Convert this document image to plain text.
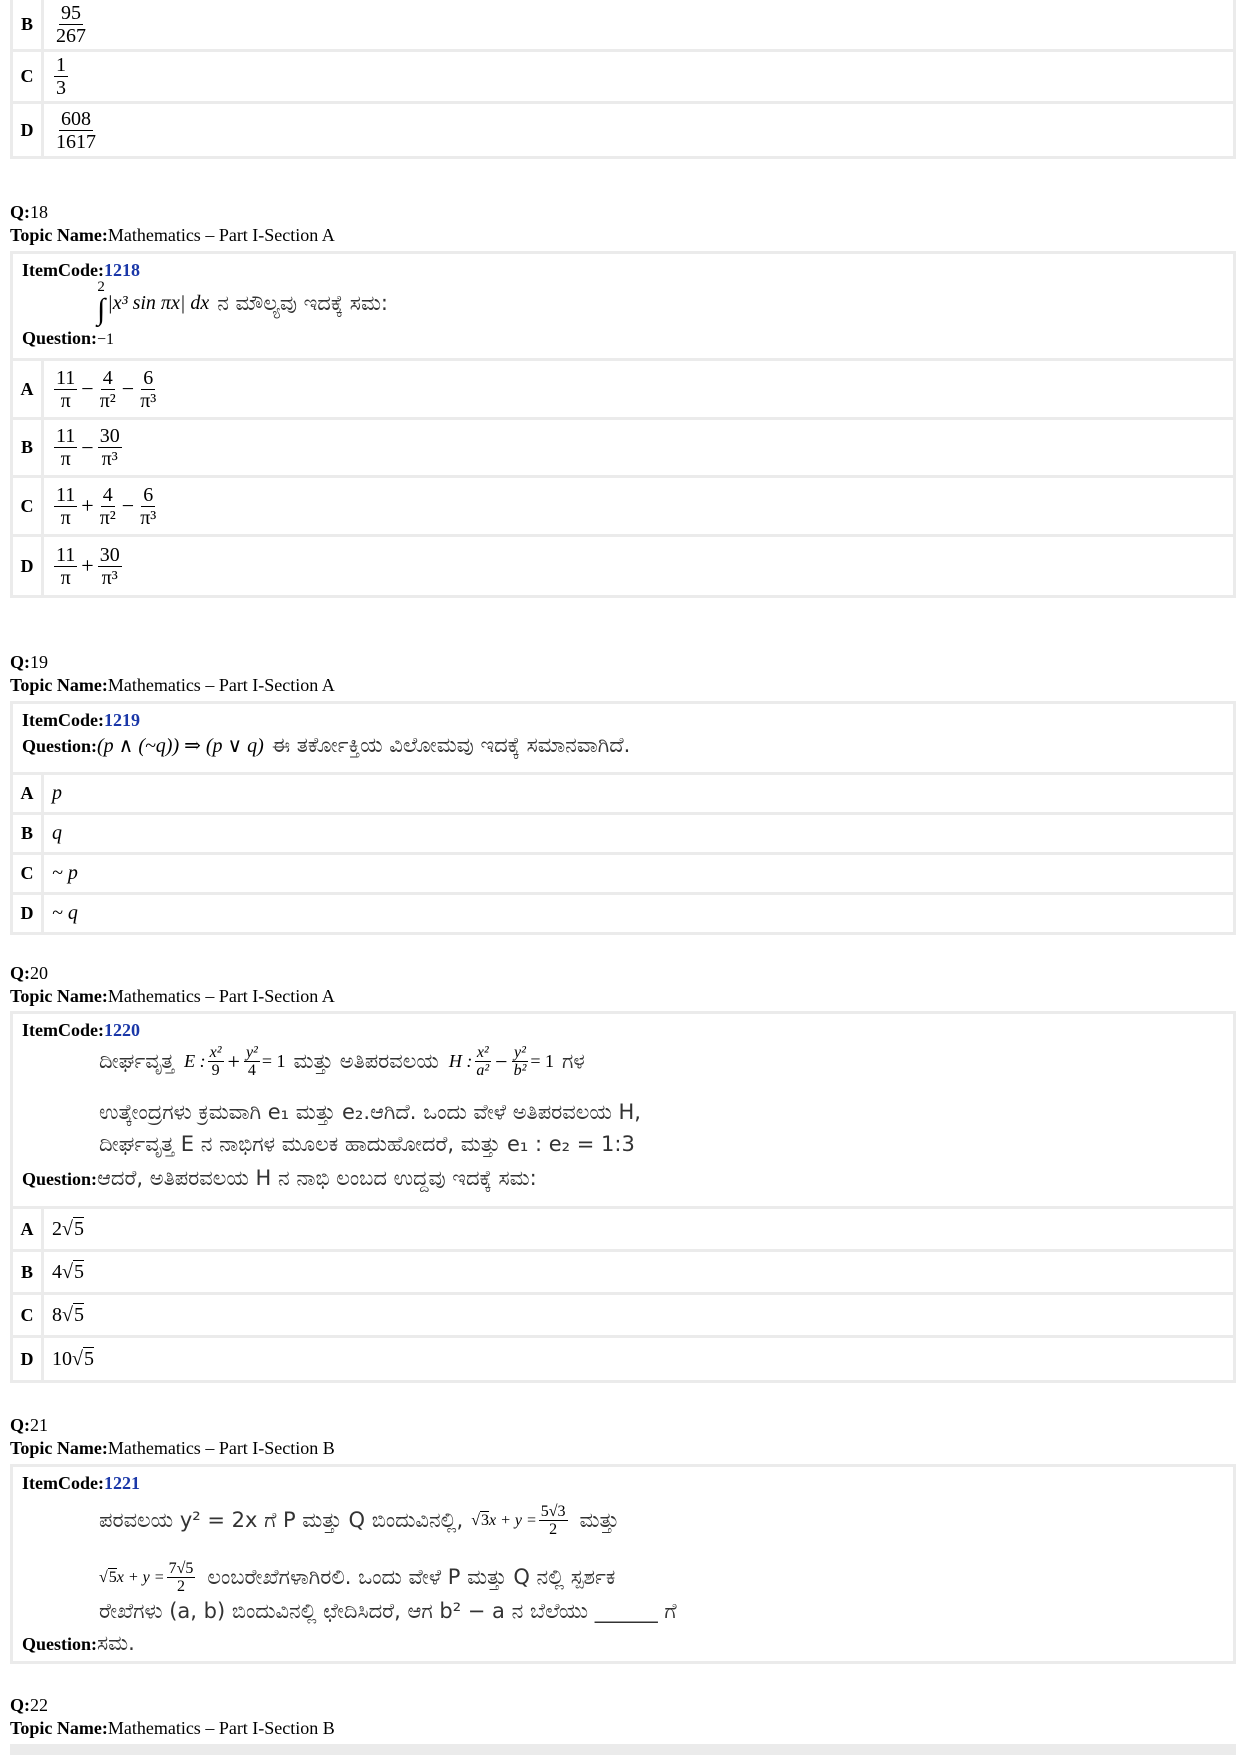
B	$\frac{95}{267}$
C	$\frac{1}{3}$
D	$\frac{608}{1617}$
Q:18
Topic Name:Mathematics – Part I-Section A
ItemCode:1218
2
∫ |x³ sin πx| dx ನ ಮೌಲ್ಯವು ಇದಕ್ಕೆ ಸಮ:
Question: −1
A	$\frac{11}{\pi} - \frac{4}{\text{π²}} - \frac{6}{\text{π³}}$
B	$\frac{11}{\pi} - \frac{30}{\text{π³}}$
C	$\frac{11}{\pi} + \frac{4}{\text{π²}} - \frac{6}{\text{π³}}$
D	$\frac{11}{\pi} + \frac{30}{\text{π³}}$
Q:19
Topic Name:Mathematics – Part I-Section A
ItemCode:1219
Question: (p ∧ (~q)) ⇒ (p ∨ q) ಈ ತರ್ಕೋಕ್ತಿಯ ವಿಲೋಮವು ಇದಕ್ಕೆ ಸಮಾನವಾಗಿದೆ.
A p
B q
C ~ p
D ~ q
Q:20
Topic Name:Mathematics – Part I-Section A
ItemCode:1220
ದೀರ್ಘವೃತ್ತ E : $\frac{\text{x²}}{9} + \frac{\text{y²}}{4} = 1$ ಮತ್ತು ಅತಿಪರವಲಯ H : $\frac{\text{x²}}{\text{a²}} - \frac{\text{y²}}{\text{b²}} = 1$ ಗಳ
ಉತ್ಕೇಂದ್ರಗಳು ಕ್ರಮವಾಗಿ e₁ ಮತ್ತು e₂.ಆಗಿದೆ. ಒಂದು ವೇಳೆ ಅತಿಪರವಲಯ H,
ದೀರ್ಘವೃತ್ತ E ನ ನಾಭಿಗಳ ಮೂಲಕ ಹಾದುಹೋದರೆ, ಮತ್ತು e₁ : e₂ = 1:3
Question: ಆದರೆ, ಅತಿಪರವಲಯ H ನ ನಾಭಿ ಲಂಬದ ಉದ್ದವು ಇದಕ್ಕೆ ಸಮ:
A 2√5
B 4√5
C 8√5
D 10√5
Q:21
Topic Name:Mathematics – Part I-Section B
ItemCode:1221
ಪರವಲಯ y² = 2x ಗೆ P ಮತ್ತು Q ಬಿಂದುವಿನಲ್ಲಿ, √3 $x + y = \frac{5√3}{2}$ ಮತ್ತು
√5 $x + y = \frac{7√5}{2}$ ಲಂಬರೇಖೆಗಳಾಗಿರಲಿ. ಒಂದು ವೇಳೆ P ಮತ್ತು Q ನಲ್ಲಿ ಸ್ಪರ್ಶಕ
ರೇಖೆಗಳು (a, b) ಬಿಂದುವಿನಲ್ಲಿ ಛೇದಿಸಿದರೆ, ಆಗ b² − a ನ ಬೆಲೆಯು ______ ಗೆ
Question: ಸಮ.
Q:22
Topic Name:Mathematics – Part I-Section B
